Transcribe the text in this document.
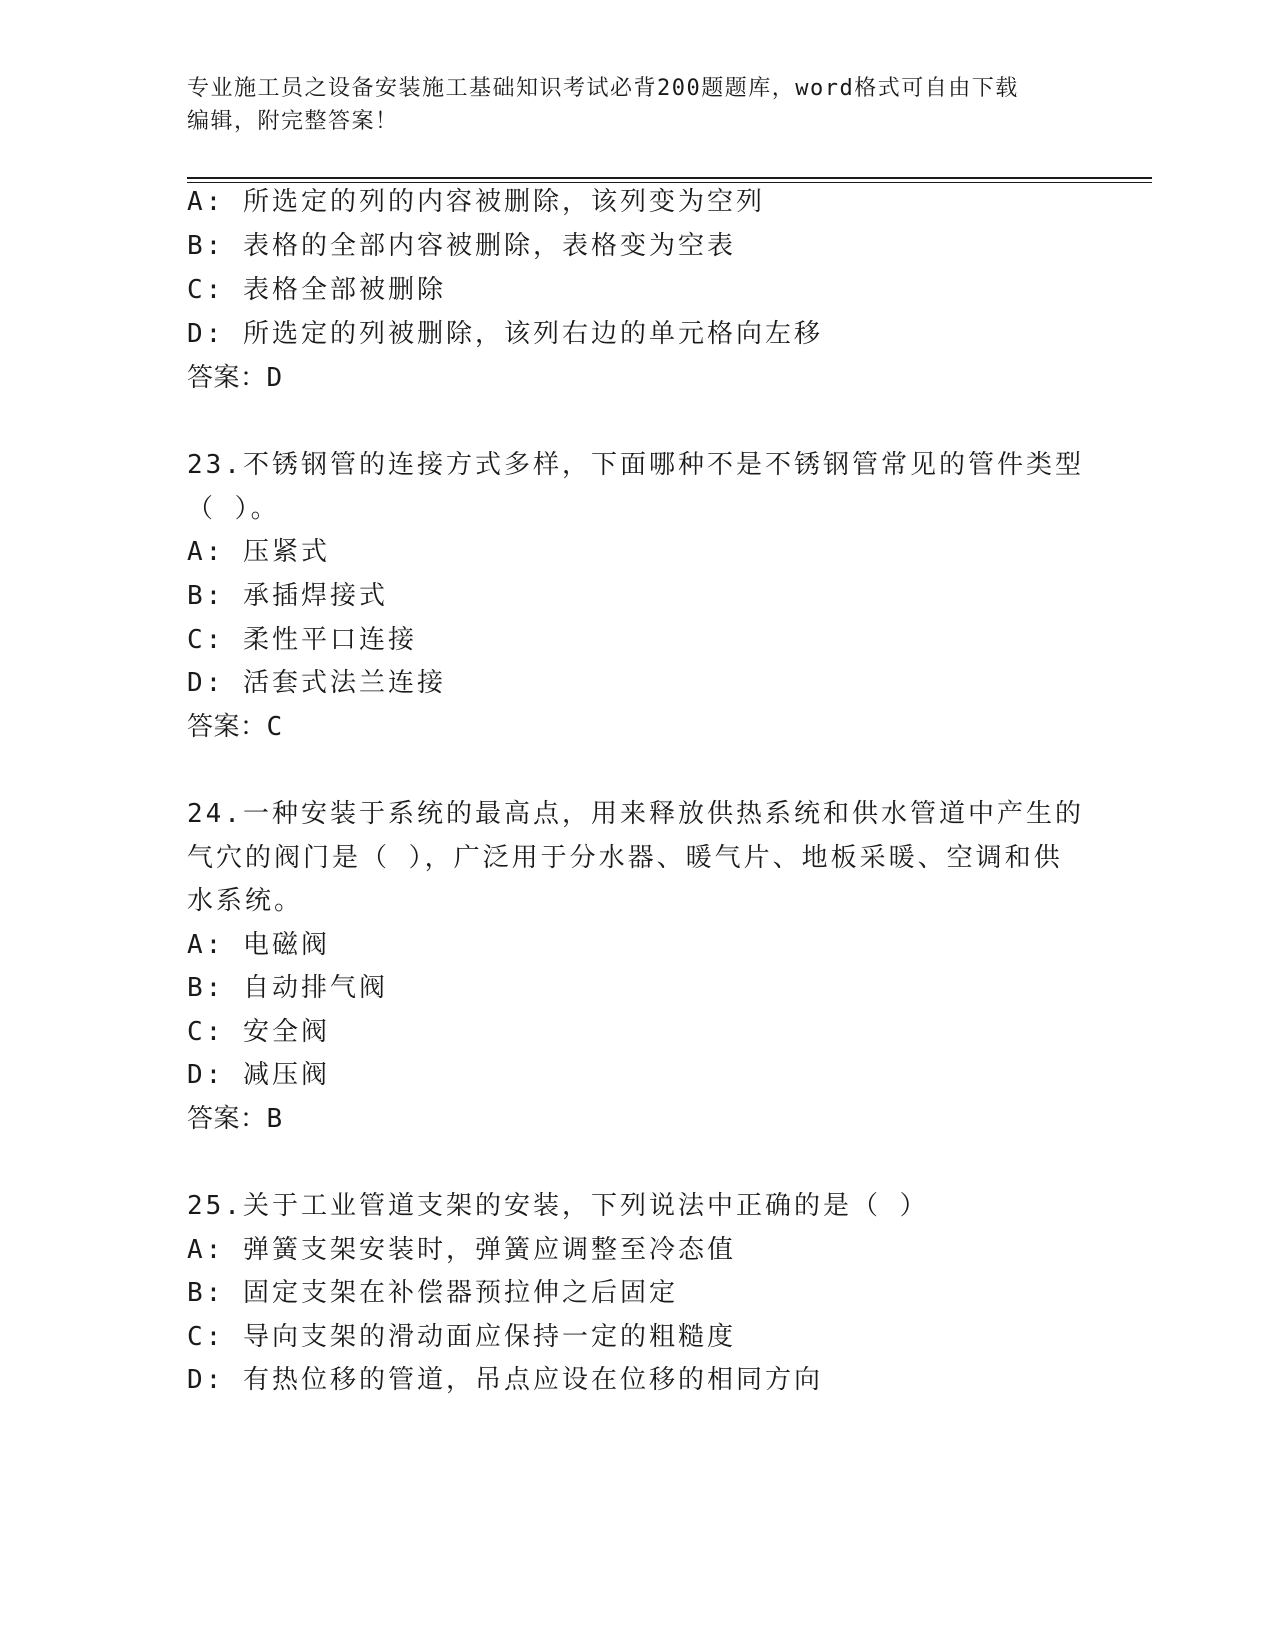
专业施工员之设备安装施工基础知识考试必背200题题库，word格式可自由下载
编辑，附完整答案！
A: 所选定的列的内容被删除，该列变为空列
B: 表格的全部内容被删除，表格变为空表
C: 表格全部被删除
D: 所选定的列被删除，该列右边的单元格向左移
答案：D
23.不锈钢管的连接方式多样，下面哪种不是不锈钢管常见的管件类型
（ ）。
A: 压紧式
B: 承插焊接式
C: 柔性平口连接
D: 活套式法兰连接
答案：C
24.一种安装于系统的最高点，用来释放供热系统和供水管道中产生的
气穴的阀门是（ ），广泛用于分水器、暖气片、地板采暖、空调和供
水系统。
A: 电磁阀
B: 自动排气阀
C: 安全阀
D: 减压阀
答案：B
25.关于工业管道支架的安装，下列说法中正确的是（ ）
A: 弹簧支架安装时，弹簧应调整至冷态值
B: 固定支架在补偿器预拉伸之后固定
C: 导向支架的滑动面应保持一定的粗糙度
D: 有热位移的管道，吊点应设在位移的相同方向
